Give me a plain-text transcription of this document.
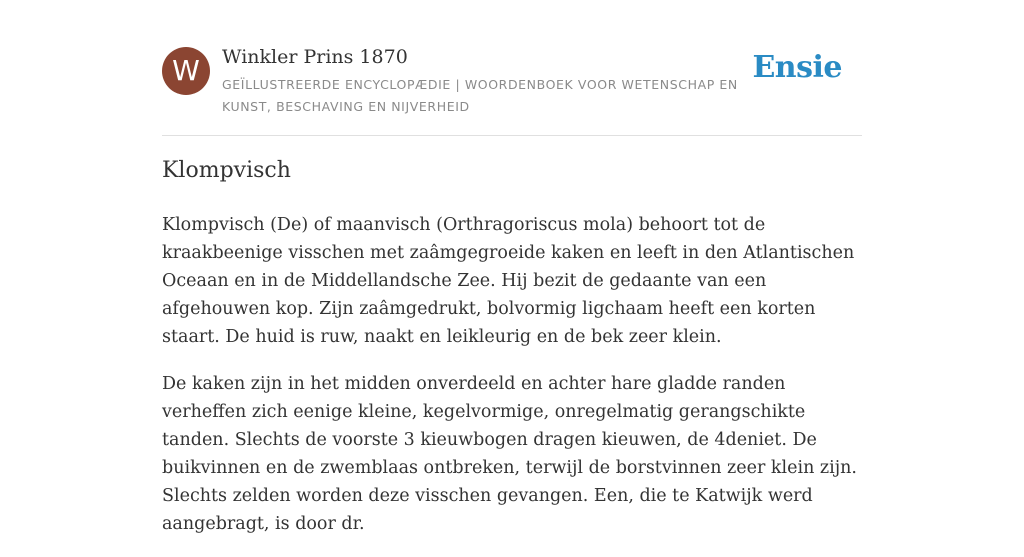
W	Winkler Prins 1870
GEÏLLUSTREERDE ENCYCLOPÆDIE | WOORDENBOEK VOOR WETENSCHAP EN KUNST, BESCHAVING EN NIJVERHEID
Ensie
Klompvisch

Klompvisch (De) of maanvisch (Orthragoriscus mola) behoort tot de kraakbeenige visschen met zaâmgegroeide kaken en leeft in den Atlantischen Oceaan en in de Middellandsche Zee. Hij bezit de gedaante van een afgehouwen kop. Zijn zaâmgedrukt, bolvormig ligchaam heeft een korten staart. De huid is ruw, naakt en leikleurig en de bek zeer klein.

De kaken zijn in het midden onverdeeld en achter hare gladde randen verheffen zich eenige kleine, kegelvormige, onregelmatig gerangschikte tanden. Slechts de voorste 3 kieuwbogen dragen kieuwen, de 4deniet. De buikvinnen en de zwemblaas ontbreken, terwijl de borstvinnen zeer klein zijn. Slechts zelden worden deze visschen gevangen. Een, die te Katwijk werd aangebragt, is door dr.
